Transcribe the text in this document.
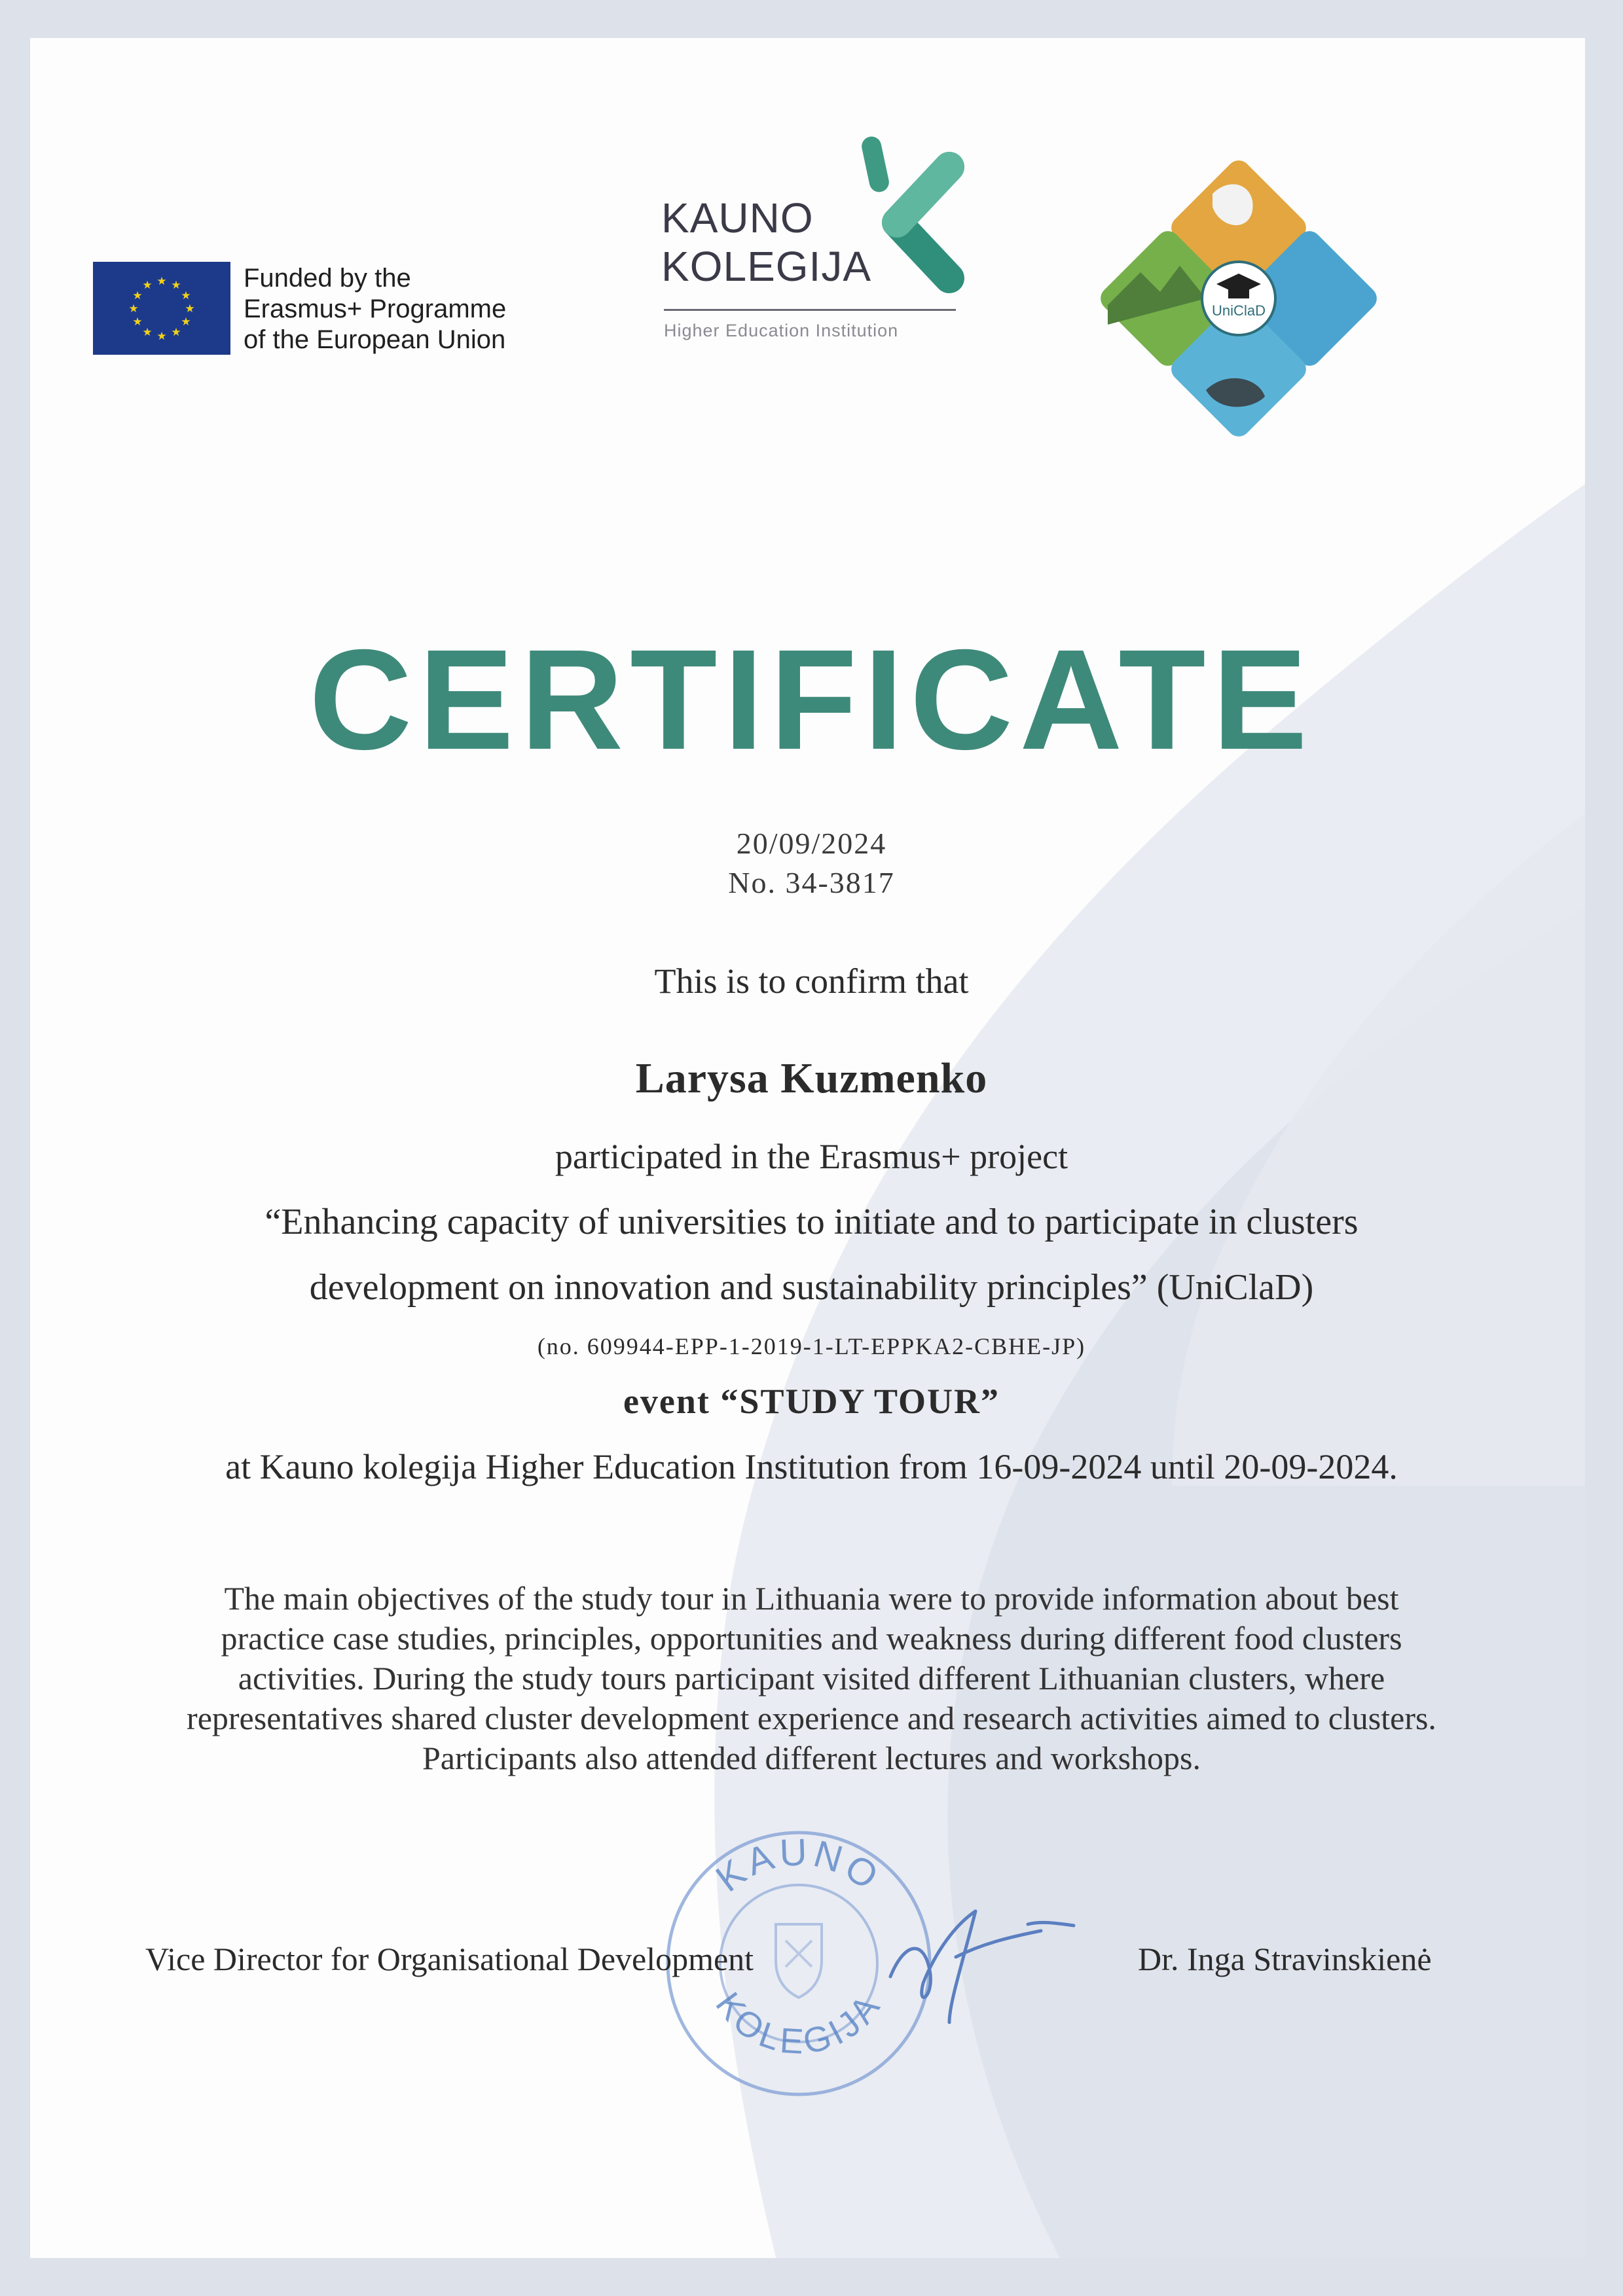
★ ★
★
★
★
★
★
★
★
★
★
★	Funded by the
Erasmus+ Programme
of the European Union
KAUNO
KOLEGIJA
Higher Education Institution
UniClaD
CERTIFICATE
20/09/2024
No. 34-3817
This is to confirm that
Larysa Kuzmenko
participated in the Erasmus+ project
“Enhancing capacity of universities to initiate and to participate in clusters
development on innovation and sustainability principles” (UniClaD)
(no. 609944-EPP-1-2019-1-LT-EPPKA2-CBHE-JP)
event “STUDY TOUR”
at Kauno kolegija Higher Education Institution from 16-09-2024 until 20-09-2024.
The main objectives of the study tour in Lithuania were to provide information about best
practice case studies, principles, opportunities and weakness during different food clusters
activities. During the study tours participant visited different Lithuanian clusters, where
representatives shared cluster development experience and research activities aimed to clusters.
Participants also attended different lectures and workshops.
KAUNO
KOLEGIJA
Vice Director for Organisational Development	Dr. Inga Stravinskienė
